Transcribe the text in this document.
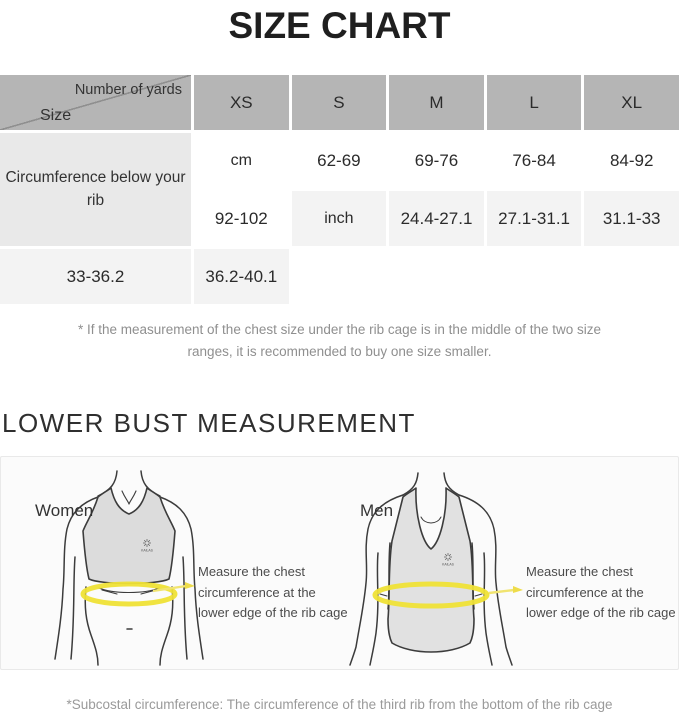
SIZE CHART
Number of yards
Size
XS	S	M	L	XL
Circumference below your rib
cm	62-69	69-76	76-84	84-92
92-102	inch	24.4-27.1	27.1-31.1	31.1-33
33-36.2	36.2-40.1
* If the measurement of the chest size under the rib cage is in the middle of the two size ranges, it is recommended to buy one size smaller.
LOWER BUST MEASUREMENT
KAILAS
Women
Measure the chest
circumference at the
lower edge of the rib cage
KAILAS
Men
Measure the chest
circumference at the
lower edge of the rib cage
*Subcostal circumference: The circumference of the third rib from the bottom of the rib cage
